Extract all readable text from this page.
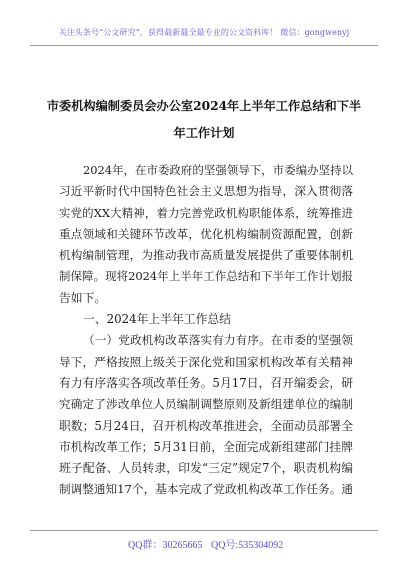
关注头条号“公文研究”，获得最新最全最专业的公文资料库！ 微信：gongwenyj
市委机构编制委员会办公室2024年上半年工作总结和下半
年工作计划
2024年，在市委政府的坚强领导下，市委编办坚持以
习近平新时代中国特色社会主义思想为指导，深入贯彻落
实党的XX大精神，着力完善党政机构职能体系，统筹推进
重点领域和关键环节改革，优化机构编制资源配置，创新
机构编制管理，为推动我市高质量发展提供了重要体制机
制保障。现将2024年上半年工作总结和下半年工作计划报
告如下。
一、2024年上半年工作总结
（一）党政机构改革落实有力有序。在市委的坚强领
导下，严格按照上级关于深化党和国家机构改革有关精神
有力有序落实各项改革任务。5月17日，召开编委会，研
究确定了涉改单位人员编制调整原则及新组建单位的编制
职数；5月24日，召开机构改革推进会，全面动员部署全
市机构改革工作；5月31日前，全面完成新组建部门挂牌
班子配备、人员转隶，印发“三定”规定7个，职责机构编
制调整通知17个，基本完成了党政机构改革工作任务。通
QQ群：30265665 QQ号:535304092
